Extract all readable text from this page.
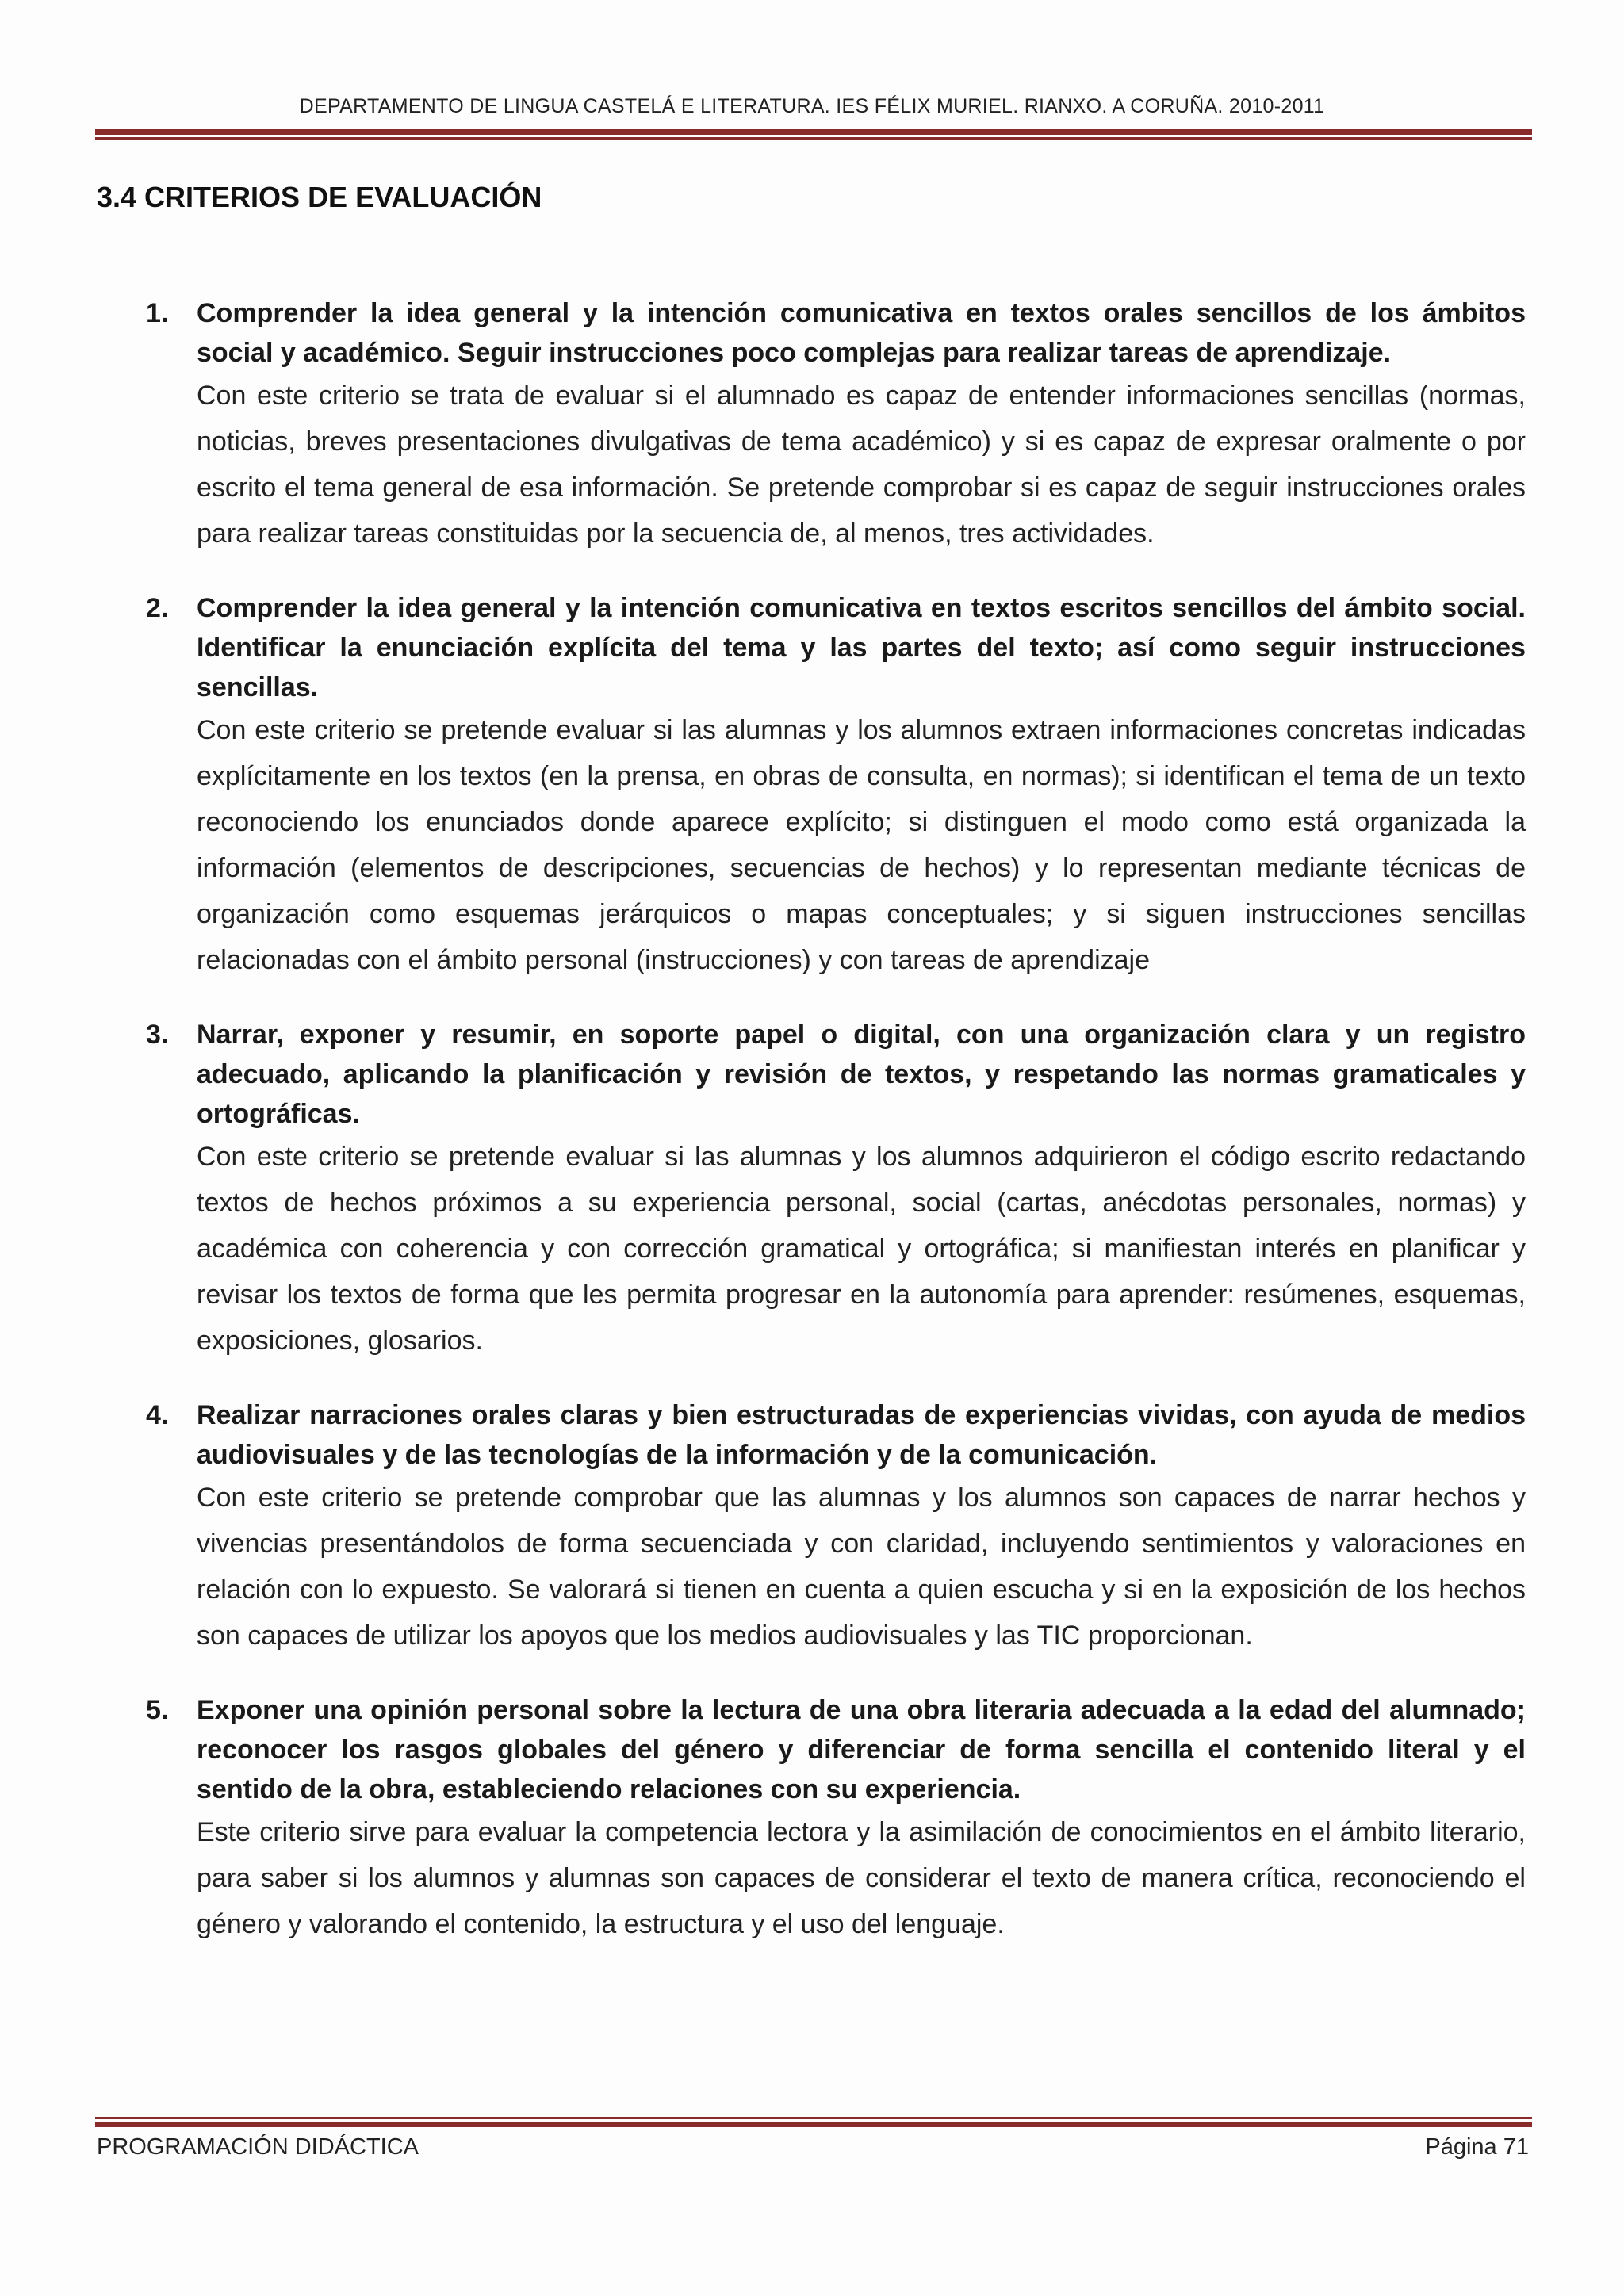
DEPARTAMENTO DE LINGUA CASTELÁ E LITERATURA. IES FÉLIX MURIEL. RIANXO. A CORUÑA. 2010-2011
3.4 CRITERIOS DE EVALUACIÓN
1. Comprender la idea general y la intención comunicativa en textos orales sencillos de los ámbitos social y académico. Seguir instrucciones poco complejas para realizar tareas de aprendizaje.

Con este criterio se trata de evaluar si el alumnado es capaz de entender informaciones sencillas (normas, noticias, breves presentaciones divulgativas de tema académico) y si es capaz de expresar oralmente o por escrito el tema general de esa información. Se pretende comprobar si es capaz de seguir instrucciones orales para realizar tareas constituidas por la secuencia de, al menos, tres actividades.

2. Comprender la idea general y la intención comunicativa en textos escritos sencillos del ámbito social. Identificar la enunciación explícita del tema y las partes del texto; así como seguir instrucciones sencillas.

Con este criterio se pretende evaluar si las alumnas y los alumnos extraen informaciones concretas indicadas explícitamente en los textos (en la prensa, en obras de consulta, en normas); si identifican el tema de un texto reconociendo los enunciados donde aparece explícito; si distinguen el modo como está organizada la información (elementos de descripciones, secuencias de hechos) y lo representan mediante técnicas de organización como esquemas jerárquicos o mapas conceptuales; y si siguen instrucciones sencillas relacionadas con el ámbito personal (instrucciones) y con tareas de aprendizaje

3. Narrar, exponer y resumir, en soporte papel o digital, con una organización clara y un registro adecuado, aplicando la planificación y revisión de textos, y respetando las normas gramaticales y ortográficas.

Con este criterio se pretende evaluar si las alumnas y los alumnos adquirieron el código escrito redactando textos de hechos próximos a su experiencia personal, social (cartas, anécdotas personales, normas) y académica con coherencia y con corrección gramatical y ortográfica; si manifiestan interés en planificar y revisar los textos de forma que les permita progresar en la autonomía para aprender: resúmenes, esquemas, exposiciones, glosarios.

4. Realizar narraciones orales claras y bien estructuradas de experiencias vividas, con ayuda de medios audiovisuales y de las tecnologías de la información y de la comunicación.

Con este criterio se pretende comprobar que las alumnas y los alumnos son capaces de narrar hechos y vivencias presentándolos de forma secuenciada y con claridad, incluyendo sentimientos y valoraciones en relación con lo expuesto. Se valorará si tienen en cuenta a quien escucha y si en la exposición de los hechos son capaces de utilizar los apoyos que los medios audiovisuales y las TIC proporcionan.

5. Exponer una opinión personal sobre la lectura de una obra literaria adecuada a la edad del alumnado; reconocer los rasgos globales del género y diferenciar de forma sencilla el contenido literal y el sentido de la obra, estableciendo relaciones con su experiencia.

Este criterio sirve para evaluar la competencia lectora y la asimilación de conocimientos en el ámbito literario, para saber si los alumnos y alumnas son capaces de considerar el texto de manera crítica, reconociendo el género y valorando el contenido, la estructura y el uso del lenguaje.

PROGRAMACIÓN DIDÁCTICA	Página 71
